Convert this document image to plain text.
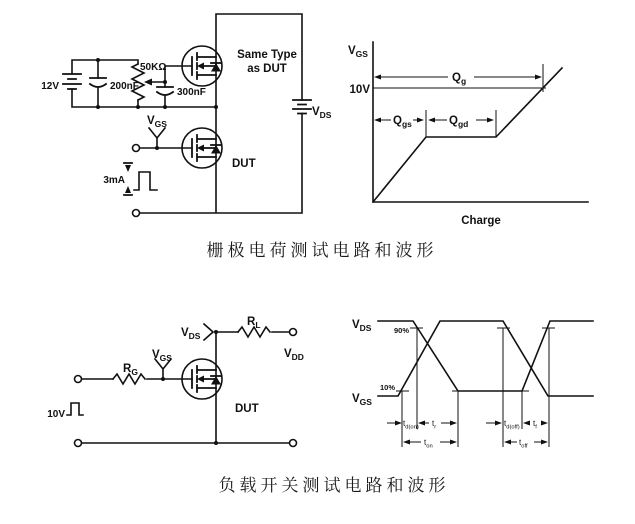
12V	200nF
50KΩ
300nF
3mA
$V_{GS}$
Same Type
as DUT
DUT
$V_{DS}$
$V_{GS}$
10V
$Q_g$
$Q_{gs}$	$Q_{gd}$
Charge
栅极电荷测试电路和波形
10V
$R_G$
$V_{GS}$
$V_{DS}$
$R_L$
$V_{DD}$
DUT
$V_{DS}$
$V_{GS}$
90%
10%
$t_{d(on)}$ $t_r$
$t_{on}$
$t_{d(off)}$ $t_f$
$t_{off}$
负载开关测试电路和波形
